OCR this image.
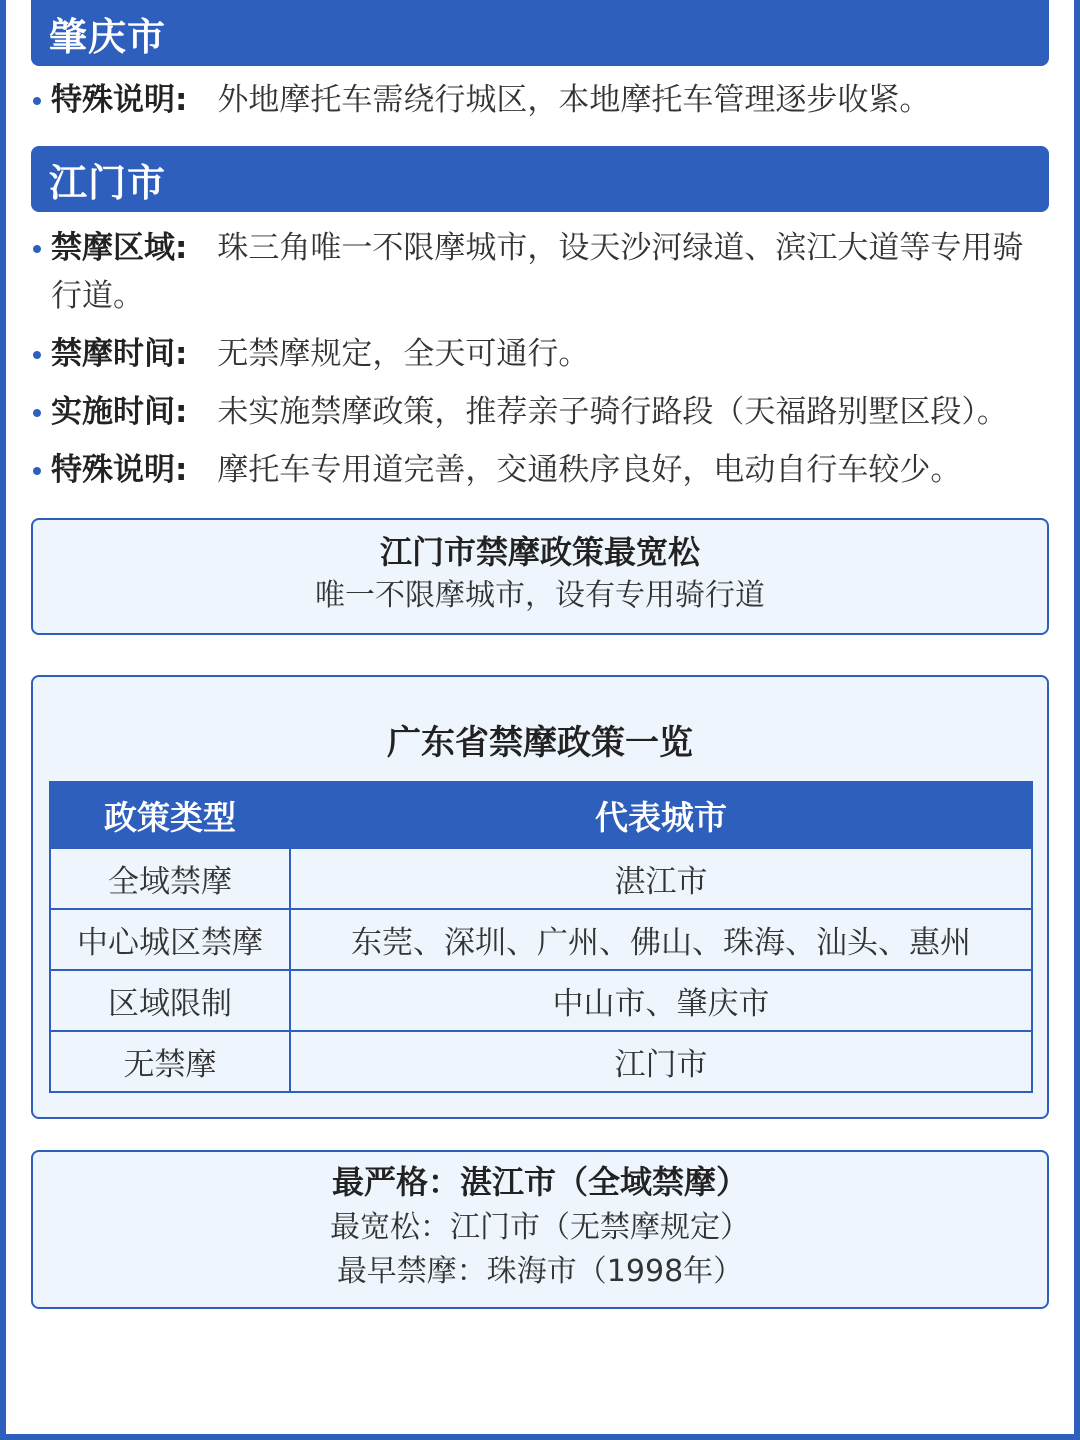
肇庆市
特殊说明: 外地摩托车需绕行城区，本地摩托车管理逐步收紧。
江门市
禁摩区域: 珠三角唯一不限摩城市，设天沙河绿道、滨江大道等专用骑行道。
禁摩时间: 无禁摩规定，全天可通行。
实施时间: 未实施禁摩政策，推荐亲子骑行路段（天福路别墅区段）。
特殊说明: 摩托车专用道完善，交通秩序良好，电动自行车较少。
江门市禁摩政策最宽松
唯一不限摩城市，设有专用骑行道
广东省禁摩政策一览
政策类型	代表城市
全域禁摩	湛江市
中心城区禁摩	东莞、深圳、广州、佛山、珠海、汕头、惠州
区域限制	中山市、肇庆市
无禁摩	江门市
最严格：湛江市（全域禁摩）
最宽松：江门市（无禁摩规定）
最早禁摩：珠海市（1998年）
